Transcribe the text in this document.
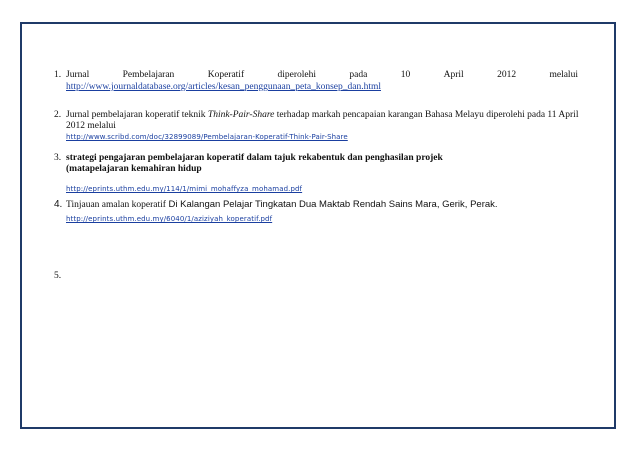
1. Jurnal	Pembelajaran	Koperatif	diperolehi	pada	10	April	2012	melalui
http://www.journaldatabase.org/articles/kesan_penggunaan_peta_konsep_dan.html
2. Jurnal pembelajaran koperatif teknik Think-Pair-Share terhadap markah pencapaian karangan Bahasa Melayu diperolehi pada 11 April
2012 melalui
http://www.scribd.com/doc/32899089/Pembelajaran-Koperatif-Think-Pair-Share
3. strategi pengajaran pembelajaran koperatif dalam tajuk rekabentuk dan penghasilan projek
(matapelajaran kemahiran hidup
http://eprints.uthm.edu.my/114/1/mimi_mohaffyza_mohamad.pdf
4. Tinjauan amalan koperatif Di Kalangan Pelajar Tingkatan Dua Maktab Rendah Sains Mara, Gerik, Perak.
http://eprints.uthm.edu.my/6040/1/aziziyah_koperatif.pdf
5.
